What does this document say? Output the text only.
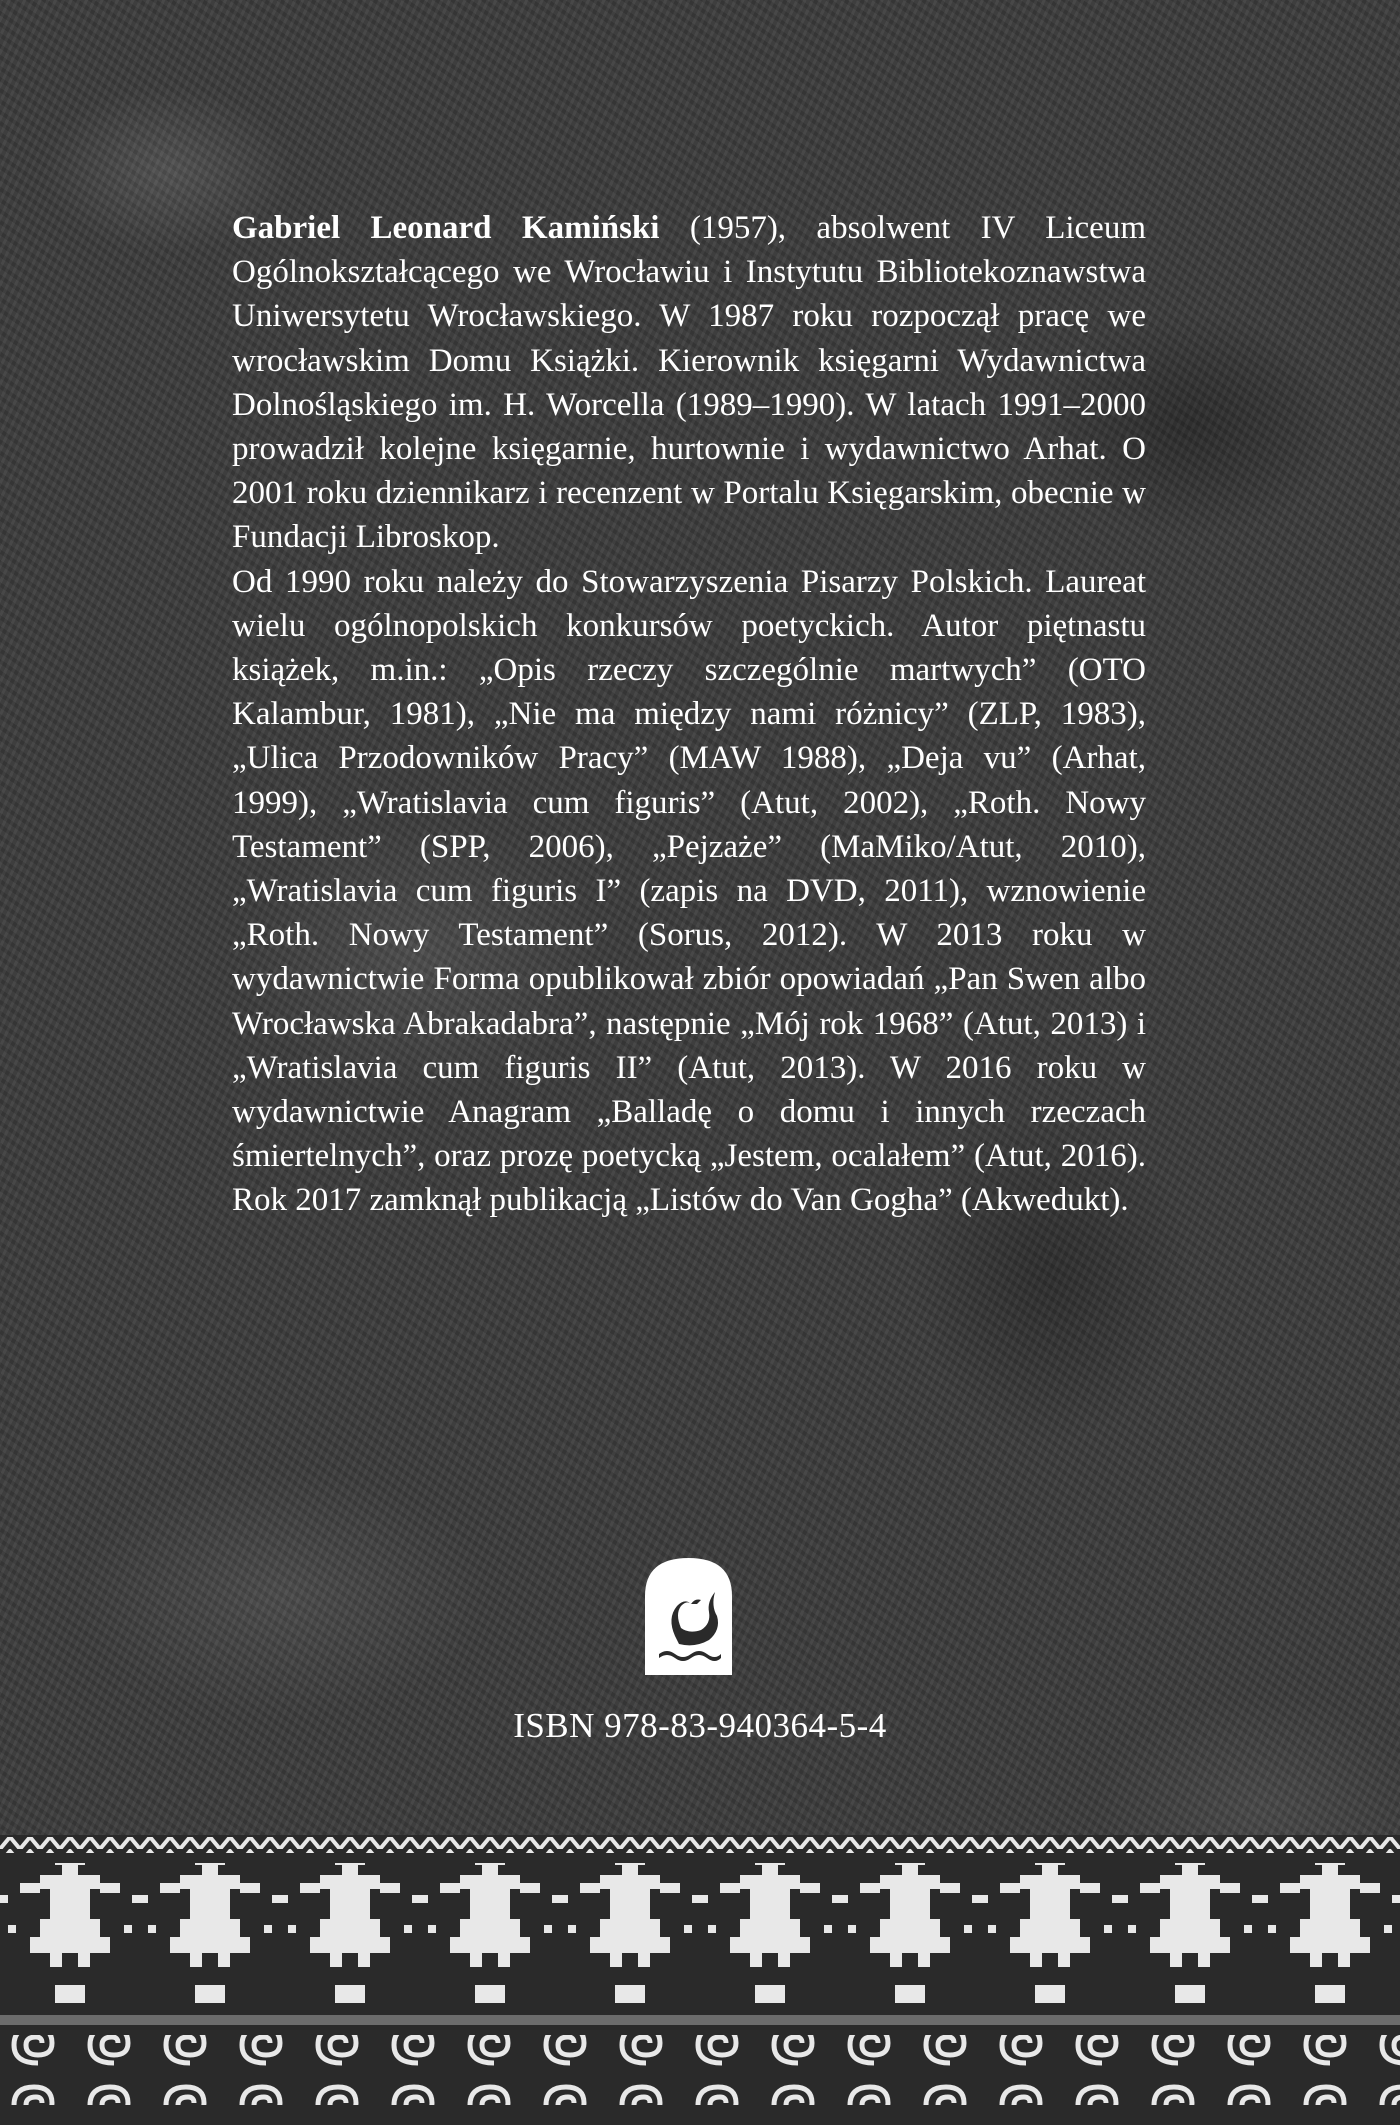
Gabriel Leonard Kamiński (1957), absolwent IV Liceum Ogólnokształcącego we Wrocławiu i Instytutu Bibliotekoznawstwa Uniwersytetu Wrocławskiego. W 1987 roku rozpoczął pracę we wrocławskim Domu Książki. Kierownik księgarni Wydawnictwa Dolnośląskiego im. H. Worcella (1989–1990). W latach 1991–2000 prowadził kolejne księgarnie, hurtownie i wydawnictwo Arhat. O 2001 roku dziennikarz i recenzent w Portalu Księgarskim, obecnie w Fundacji Libroskop.

Od 1990 roku należy do Stowarzyszenia Pisarzy Polskich. Laureat wielu ogólnopolskich konkursów poetyckich. Autor piętnastu książek, m.in.: „Opis rzeczy szczególnie martwych” (OTO Kalambur, 1981), „Nie ma między nami różnicy” (ZLP, 1983), „Ulica Przodowników Pracy” (MAW 1988), „Deja vu” (Arhat, 1999), „Wratislavia cum figuris” (Atut, 2002), „Roth. Nowy Testament” (SPP, 2006), „Pejzaże” (MaMiko/Atut, 2010), „Wratislavia cum figuris I” (zapis na DVD, 2011), wznowienie „Roth. Nowy Testament” (Sorus, 2012). W 2013 roku w wydawnictwie Forma opublikował zbiór opowiadań „Pan Swen albo Wrocławska Abrakadabra”, następnie „Mój rok 1968” (Atut, 2013) i „Wratislavia cum figuris II” (Atut, 2013). W 2016 roku w wydawnictwie Anagram „Balladę o domu i innych rzeczach śmiertelnych”, oraz prozę poetycką „Jestem, ocalałem” (Atut, 2016). Rok 2017 zamknął publikacją „Listów do Van Gogha” (Akwedukt).

ISBN 978-83-940364-5-4
